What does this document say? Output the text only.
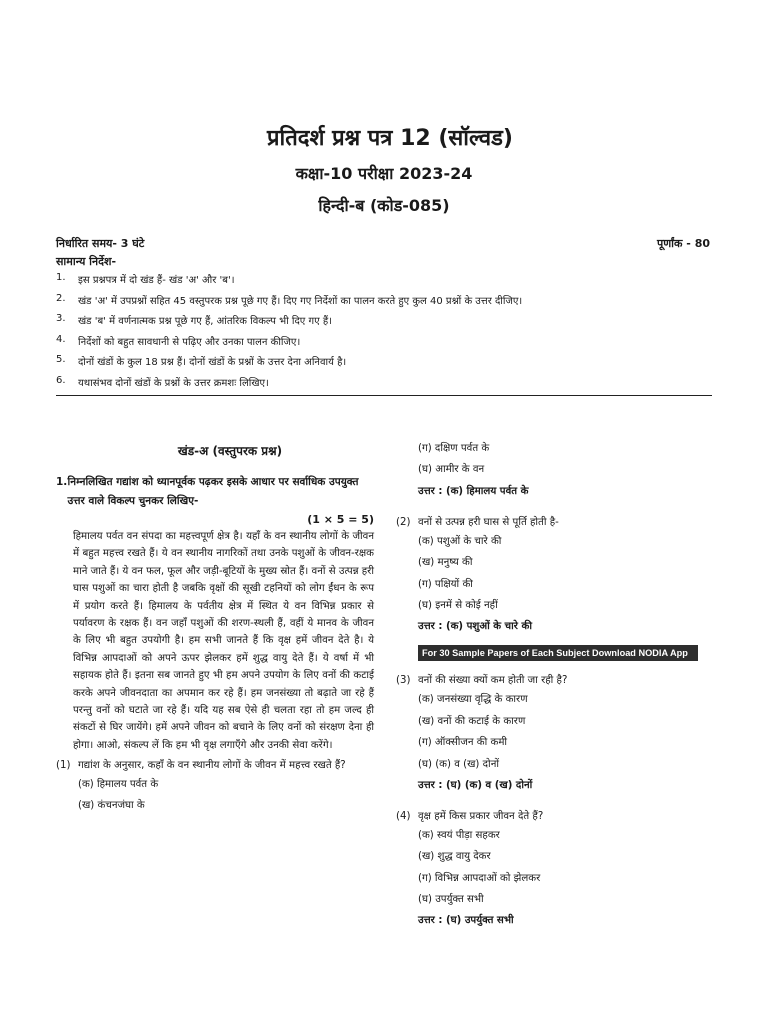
प्रतिदर्श प्रश्न पत्र 12 (सॉल्वड)
कक्षा-10 परीक्षा 2023-24
हिन्दी-ब (कोड-085)
निर्धारित समय- 3 घंटे	पूर्णांक - 80
सामान्य निर्देश-
1.	इस प्रश्नपत्र में दो खंड हैं- खंड 'अ' और 'ब'।
2.	खंड 'अ' में उपप्रश्नों सहित 45 वस्तुपरक प्रश्न पूछे गए हैं। दिए गए निर्देशों का पालन करते हुए कुल 40 प्रश्नों के उत्तर दीजिए।
3.	खंड 'ब' में वर्णनात्मक प्रश्न पूछे गए हैं, आंतरिक विकल्प भी दिए गए हैं।
4.	निर्देशों को बहुत सावधानी से पढ़िए और उनका पालन कीजिए।
5.	दोनों खंडों के कुल 18 प्रश्न हैं। दोनों खंडों के प्रश्नों के उत्तर देना अनिवार्य है।
6.	यथासंभव दोनों खंडों के प्रश्नों के उत्तर क्रमशः लिखिए।
खंड-अ (वस्तुपरक प्रश्न)
1. निम्नलिखित गद्यांश को ध्यानपूर्वक पढ़कर इसके आधार पर सर्वाधिक उपयुक्त उत्तर वाले विकल्प चुनकर लिखिए-
(1 × 5 = 5)
हिमालय पर्वत वन संपदा का महत्त्वपूर्ण क्षेत्र है। यहाँ के वन स्थानीय लोगों के जीवन में बहुत महत्त्व रखते हैं। ये वन स्थानीय नागरिकों तथा उनके पशुओं के जीवन-रक्षक माने जाते हैं। ये वन फल, फूल और जड़ी-बूटियों के मुख्य स्रोत हैं। वनों से उत्पन्न हरी घास पशुओं का चारा होती है जबकि वृक्षों की सूखी टहनियों को लोग ईंधन के रूप में प्रयोग करते हैं। हिमालय के पर्वतीय क्षेत्र में स्थित ये वन विभिन्न प्रकार से पर्यावरण के रक्षक हैं। वन जहाँ पशुओं की शरण-स्थली हैं, वहीं ये मानव के जीवन के लिए भी बहुत उपयोगी है। हम सभी जानते हैं कि वृक्ष हमें जीवन देते है। ये विभिन्न आपदाओं को अपने ऊपर झेलकर हमें शुद्ध वायु देते हैं। ये वर्षा में भी सहायक होते हैं। इतना सब जानते हुए भी हम अपने उपयोग के लिए वनों की कटाई करके अपने जीवनदाता का अपमान कर रहे हैं। हम जनसंख्या तो बढ़ाते जा रहे हैं परन्तु वनों को घटाते जा रहे हैं। यदि यह सब ऐसे ही चलता रहा तो हम जल्द ही संकटों से घिर जायेंगे। हमें अपने जीवन को बचाने के लिए वनों को संरक्षण देना ही होगा। आओ, संकल्प लें कि हम भी वृक्ष लगाएँगे और उनकी सेवा करेंगे।
(1) गद्यांश के अनुसार, कहाँ के वन स्थानीय लोगों के जीवन में महत्त्व रखते हैं?
(क) हिमालय पर्वत के
(ख) कंचनजंघा के
(ग) दक्षिण पर्वत के
(घ) आमीर के वन
उत्तर : (क) हिमालय पर्वत के
(2) वनों से उत्पन्न हरी घास से पूर्ति होती है-
(क) पशुओं के चारे की
(ख) मनुष्य की
(ग) पक्षियों की
(घ) इनमें से कोई नहीं
उत्तर : (क) पशुओं के चारे की
For 30 Sample Papers of Each Subject Download NODIA App
(3) वनों की संख्या क्यों कम होती जा रही है?
(क) जनसंख्या वृद्धि के कारण
(ख) वनों की कटाई के कारण
(ग) ऑक्सीजन की कमी
(घ) (क) व (ख) दोनों
उत्तर : (घ) (क) व (ख) दोनों
(4) वृक्ष हमें किस प्रकार जीवन देते हैं?
(क) स्वयं पीड़ा सहकर
(ख) शुद्ध वायु देकर
(ग) विभिन्न आपदाओं को झेलकर
(घ) उपर्युक्त सभी
उत्तर : (घ) उपर्युक्त सभी
